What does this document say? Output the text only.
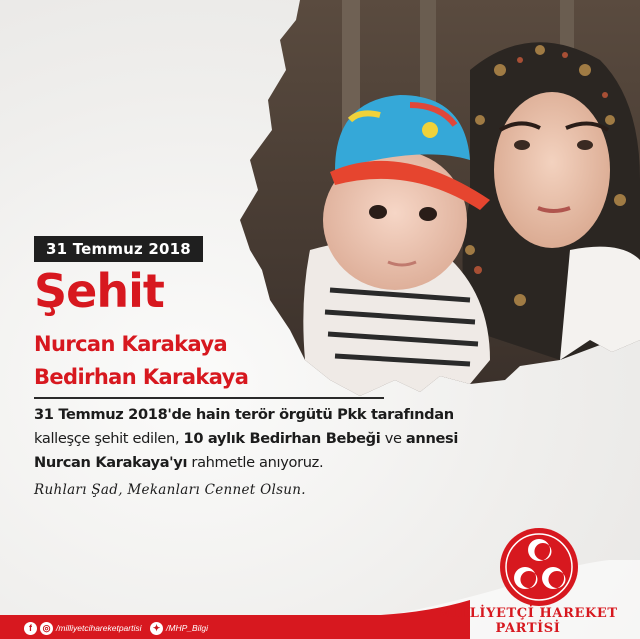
31 Temmuz 2018
Şehit
Nurcan Karakaya
Bedirhan Karakaya
31 Temmuz 2018'de hain terör örgütü Pkk tarafından
kalleşçe şehit edilen, 10 aylık Bedirhan Bebeği ve annesi
Nurcan Karakaya'yı rahmetle anıyoruz.
Ruhları Şad, Mekanları Cennet Olsun.
MİLLİYETÇİ HAREKET PARTİSİ
f	◎ /milliyetcihareketpartisi	✦ /MHP_Bilgi
